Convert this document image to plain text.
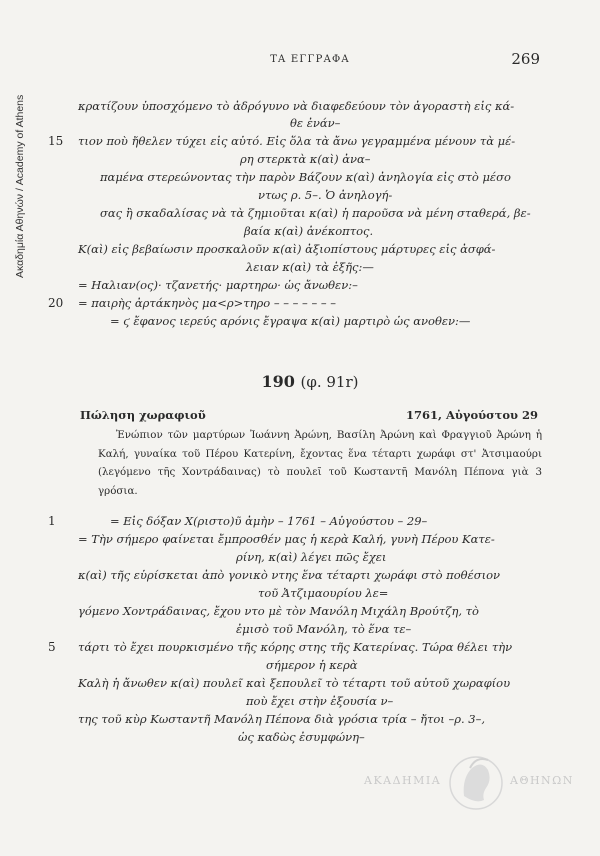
Ακαδημία Αθηνών / Academy of Athens
ΤΑ ΕΓΓΡΑΦΑ	269
κρατίζουν ὑποσχόμενο τὸ ἀδρόγυνο νὰ διαφεδεύουν τὸν ἀγοραστὴ εἰς κά-
θε ἐνάν–
15 τιον ποὺ ἤθελεν τύχει εἰς αὐτό. Εἰς ὅλα τὰ ἄνω γεγραμμένα μένουν τὰ μέ-
ρη στερκτὰ κ(αὶ) ἀνα–
παμένα στερεώνοντας τὴν παρὸν Βάζουν κ(αὶ) ἀνηλογία εἰς στὸ μέσο
ντως ρ. 5–. Ὁ ἀνηλογή-
σας ἢ σκαδαλίσας νὰ τὰ ζημιοῦται κ(αὶ) ἡ παροῦσα νὰ μένη σταθερά, βε-
βαία κ(αὶ) ἀνέκοπτος.
Κ(αὶ) εἰς βεβαίωσιν προσκαλοῦν κ(αὶ) ἀξιοπίστους μάρτυρες εἰς ἀσφά-
λειαν κ(αὶ) τὰ ἑξῆς:—
= Ηαλιαν(ος)· τζανετής· μαρτηρω· ὡς ἄνωθεν:–
20 = παιρὴς ἀρτάκηνὸς μα<ρ>τηρο – – – – – – –
= ϛ ἔφανος ιερεύς αρόνις ἔγραψα κ(αὶ) μαρτιρὸ ὡς ανοθεν:—
190 (φ. 91r)
Πώληση χωραφιοῦ	1761, Αὐγούστου 29
Ἐνώπιον τῶν μαρτύρων Ἰωάννη Ἀρώνη, Βασίλη Ἀρώνη καὶ Φραγγιοῦ Ἀρώνη ἡ Καλή, γυναίκα τοῦ Πέρου Κατερίνη, ἔχοντας ἕνα τέταρτι χωράφι στ' Ἀτσιμαούρι (λεγόμενο τῆς Χοντράδαινας) τὸ πουλεῖ τοῦ Κωσταντῆ Μανόλη Πέπονα γιὰ 3 γρόσια.
1	= Εἰς δόξαν Χ(ριστο)ῦ ἀμὴν – 1761 – Αὐγούστου – 29–
= Τὴν σήμερο φαίνεται ἔμπροσθέν μας ἡ κερὰ Καλή, γυνὴ Πέρου Κατε-
ρίνη, κ(αὶ) λέγει πῶς ἔχει
κ(αὶ) τῆς εὑρίσκεται ἀπὸ γονικὸ ντης ἕνα τέταρτι χωράφι στὸ ποθέσιον
τοῦ Ἀτζιμαουρίου λε=
γόμενο Χοντράδαινας, ἔχου ντο μὲ τὸν Μανόλη Μιχάλη Βρούτζη, τὸ
ἐμισὸ τοῦ Μανόλη, τὸ ἕνα τε–
5 τάρτι τὸ ἔχει πουρκισμένο τῆς κόρης στης τῆς Κατερίνας. Τώρα θέλει τὴν
σήμερον ἡ κερὰ
Καλὴ ἡ ἄνωθεν κ(αὶ) πουλεῖ καὶ ξεπουλεῖ τὸ τέταρτι τοῦ αὐτοῦ χωραφίου
ποὺ ἔχει στὴν ἐξουσία ν–
της τοῦ κὺρ Κωσταντῆ Μανόλη Πέπονα διὰ γρόσια τρία – ἤτοι –ρ. 3–,
ὡς καδὼς ἐσυμφώνη–
ΑΚΑΔΗΜΙΑ	ΑΘΗΝΩΝ
